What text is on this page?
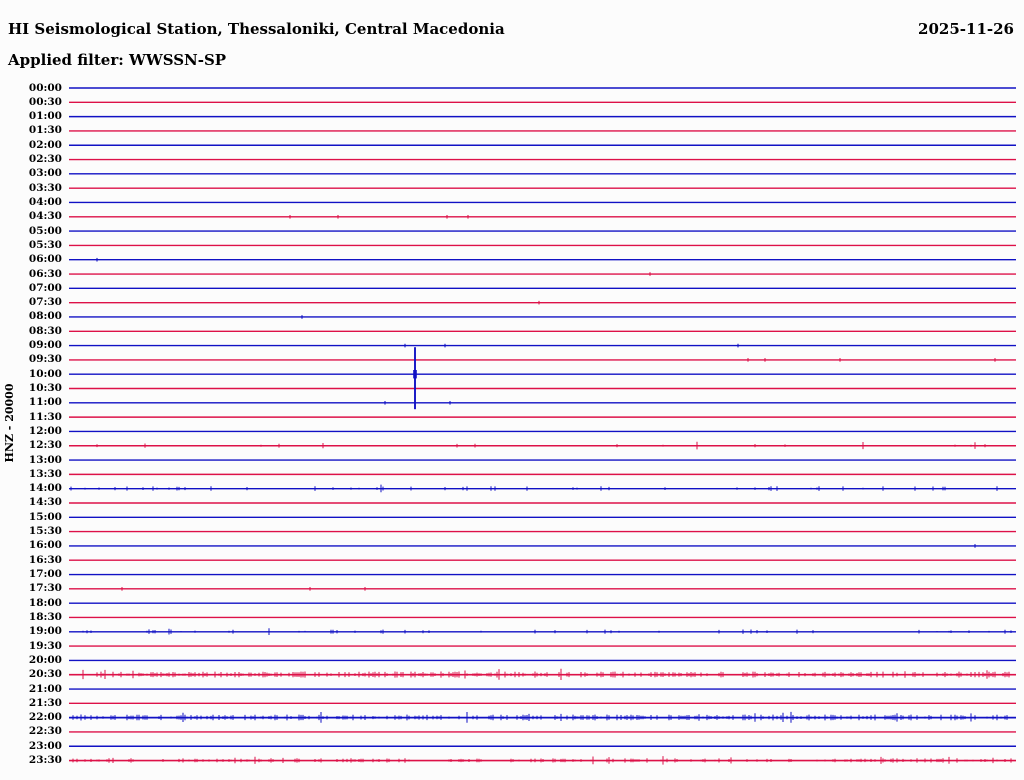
HI Seismological Station, Thessaloniki, Central Macedonia	2025-11-26
Applied filter: WWSSN-SP
HNZ - 20000
00:00
00:30
01:00
01:30
02:00
02:30
03:00
03:30
04:00
04:30
05:00
05:30
06:00
06:30
07:00
07:30
08:00
08:30
09:00
09:30
10:00
10:30
11:00
11:30
12:00
12:30
13:00
13:30
14:00
14:30
15:00
15:30
16:00
16:30
17:00
17:30
18:00
18:30
19:00
19:30
20:00
20:30
21:00
21:30
22:00
22:30
23:00
23:30
